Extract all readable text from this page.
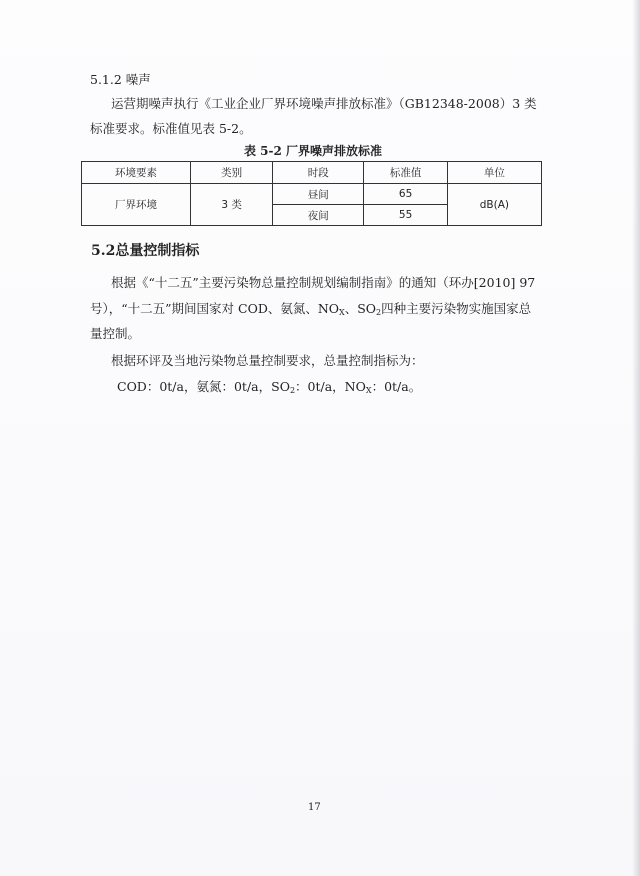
5.1.2 噪声
运营期噪声执行《工业企业厂界环境噪声排放标准》（GB12348-2008）3 类
标准要求。标准值见表 5-2。
表 5-2 厂界噪声排放标准
环境要素	类别	时段	标准值	单位
厂界环境	3 类	昼间	65	dB(A)
		夜间	55	
5.2总量控制指标
根据《“十二五”主要污染物总量控制规划编制指南》的通知（环办[2010] 97
号），“十二五”期间国家对 COD、氨氮、$NO_X$、$SO_2$四种主要污染物实施国家总
量控制。
根据环评及当地污染物总量控制要求，总量控制指标为：
COD：0t/a，氨氮：0t/a，$SO_2$：0t/a，$NO_X$：0t/a。
17
